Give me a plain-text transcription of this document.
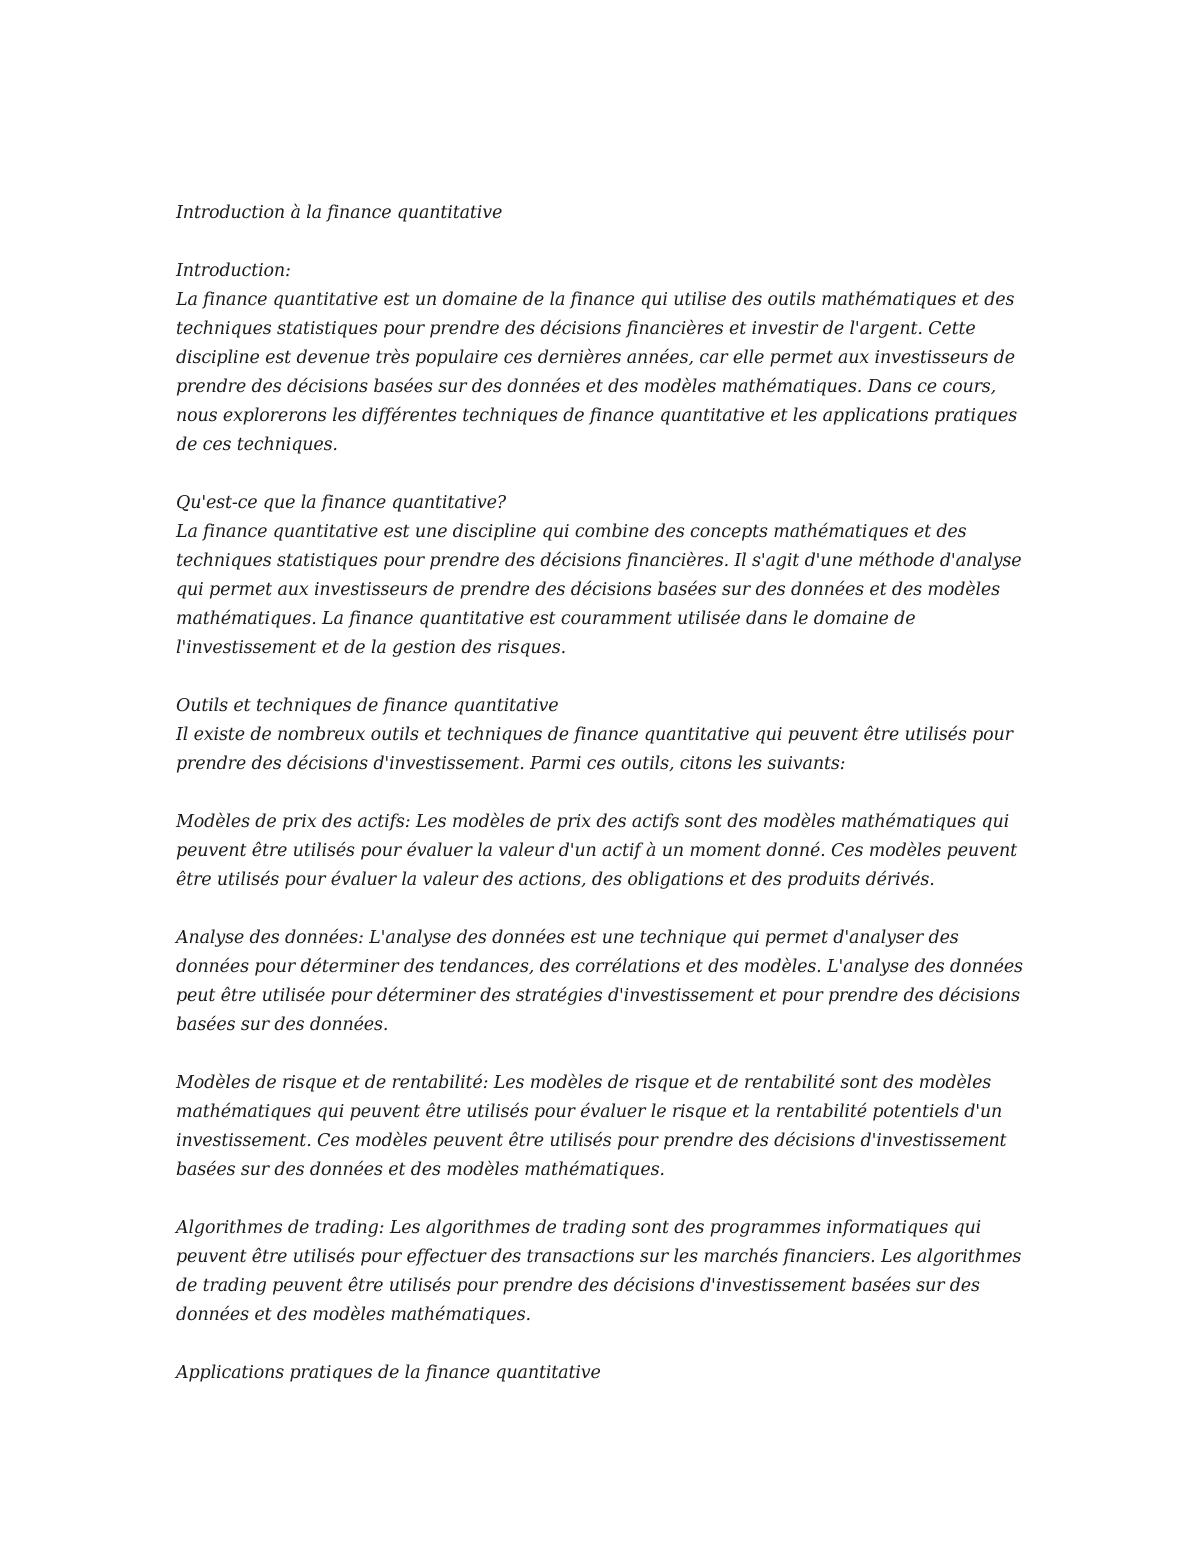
Introduction à la finance quantitative

Introduction:

La finance quantitative est un domaine de la finance qui utilise des outils mathématiques et des techniques statistiques pour prendre des décisions financières et investir de l'argent. Cette discipline est devenue très populaire ces dernières années, car elle permet aux investisseurs de prendre des décisions basées sur des données et des modèles mathématiques. Dans ce cours, nous explorerons les différentes techniques de finance quantitative et les applications pratiques de ces techniques.

Qu'est-ce que la finance quantitative?

La finance quantitative est une discipline qui combine des concepts mathématiques et des techniques statistiques pour prendre des décisions financières. Il s'agit d'une méthode d'analyse qui permet aux investisseurs de prendre des décisions basées sur des données et des modèles mathématiques. La finance quantitative est couramment utilisée dans le domaine de l'investissement et de la gestion des risques.

Outils et techniques de finance quantitative

Il existe de nombreux outils et techniques de finance quantitative qui peuvent être utilisés pour prendre des décisions d'investissement. Parmi ces outils, citons les suivants:

Modèles de prix des actifs: Les modèles de prix des actifs sont des modèles mathématiques qui peuvent être utilisés pour évaluer la valeur d'un actif à un moment donné. Ces modèles peuvent être utilisés pour évaluer la valeur des actions, des obligations et des produits dérivés.

Analyse des données: L'analyse des données est une technique qui permet d'analyser des données pour déterminer des tendances, des corrélations et des modèles. L'analyse des données peut être utilisée pour déterminer des stratégies d'investissement et pour prendre des décisions basées sur des données.

Modèles de risque et de rentabilité: Les modèles de risque et de rentabilité sont des modèles mathématiques qui peuvent être utilisés pour évaluer le risque et la rentabilité potentiels d'un investissement. Ces modèles peuvent être utilisés pour prendre des décisions d'investissement basées sur des données et des modèles mathématiques.

Algorithmes de trading: Les algorithmes de trading sont des programmes informatiques qui peuvent être utilisés pour effectuer des transactions sur les marchés financiers. Les algorithmes de trading peuvent être utilisés pour prendre des décisions d'investissement basées sur des données et des modèles mathématiques.

Applications pratiques de la finance quantitative
